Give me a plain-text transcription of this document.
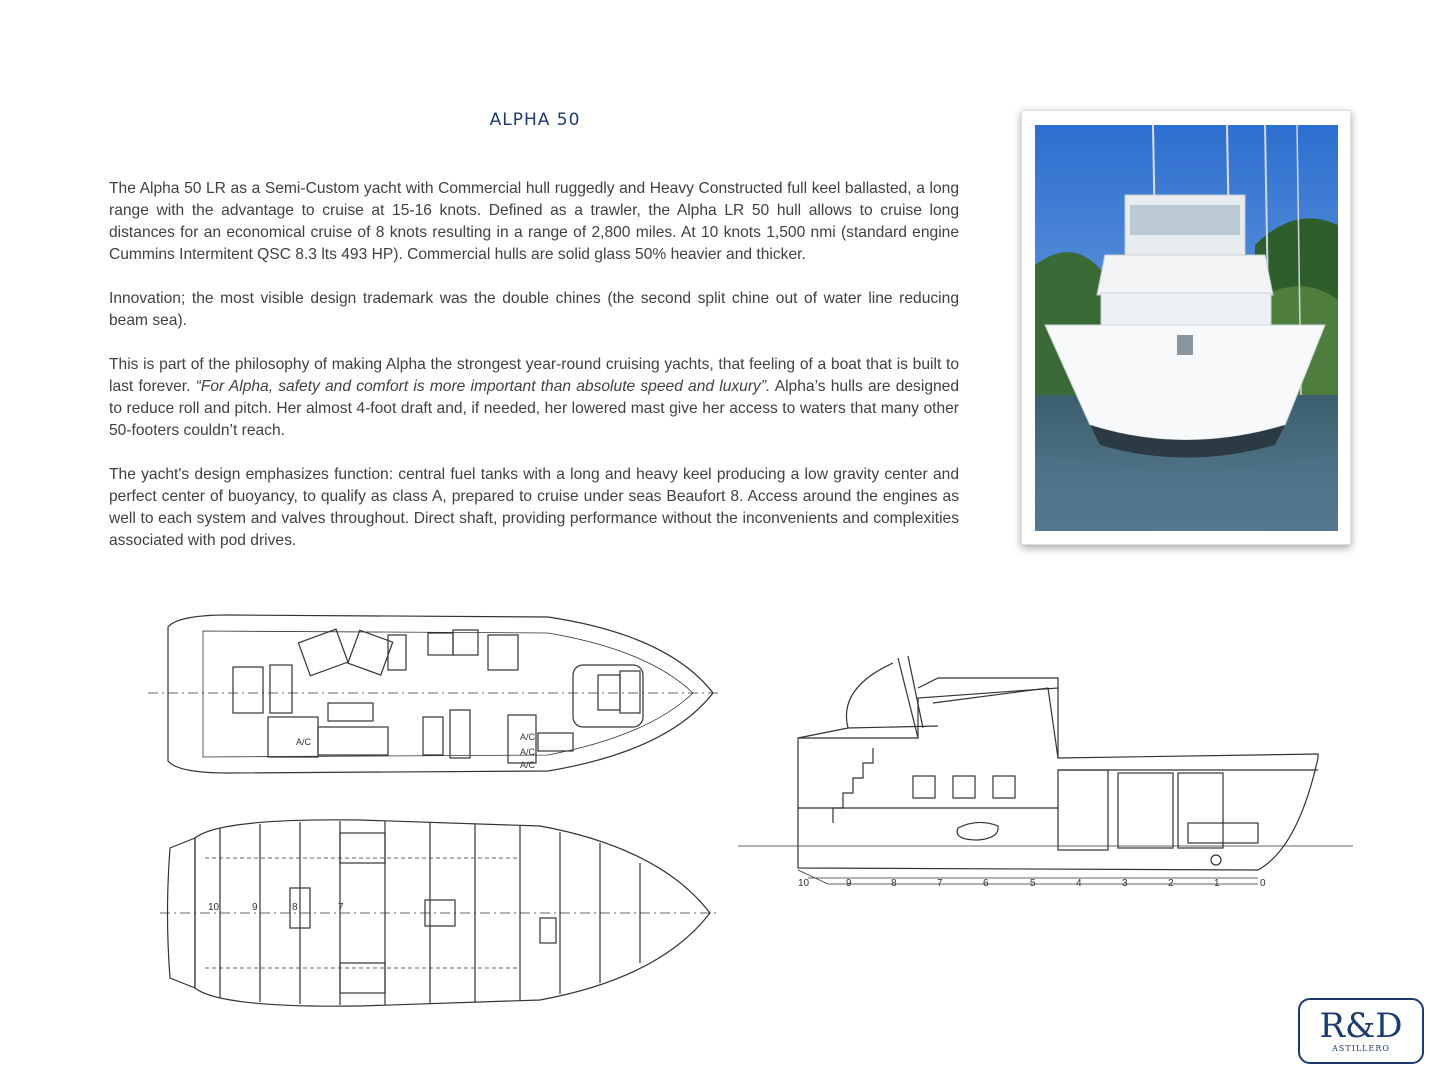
ALPHA 50

The Alpha 50 LR as a Semi-Custom yacht with Commercial hull ruggedly and Heavy Constructed full keel ballasted, a long range with the advantage to cruise at 15-16 knots. Defined as a trawler, the Alpha LR 50 hull allows to cruise long distances for an economical cruise of 8 knots resulting in a range of 2,800 miles. At 10 knots 1,500 nmi (standard engine Cummins Intermitent QSC 8.3 lts 493 HP). Commercial hulls are solid glass 50% heavier and thicker.

Innovation; the most visible design trademark was the double chines (the second split chine out of water line reducing beam sea).

This is part of the philosophy of making Alpha the strongest year-round cruising yachts, that feeling of a boat that is built to last forever. “For Alpha, safety and comfort is more important than absolute speed and luxury”. Alpha’s hulls are designed to reduce roll and pitch. Her almost 4-foot draft and, if needed, her lowered mast give her access to waters that many other 50-footers couldn’t reach.

The yacht's design emphasizes function: central fuel tanks with a long and heavy keel producing a low gravity center and perfect center of buoyancy, to qualify as class A, prepared to cruise under seas Beaufort 8. Access around the engines as well to each system and valves throughout. Direct shaft, providing performance without the inconvenients and complexities associated with pod drives.

A/C	A/C
A/C
A/C
10	9	8	7
10	9	8	7	6	5	4	3	2	1	0
R&D
ASTILLERO
